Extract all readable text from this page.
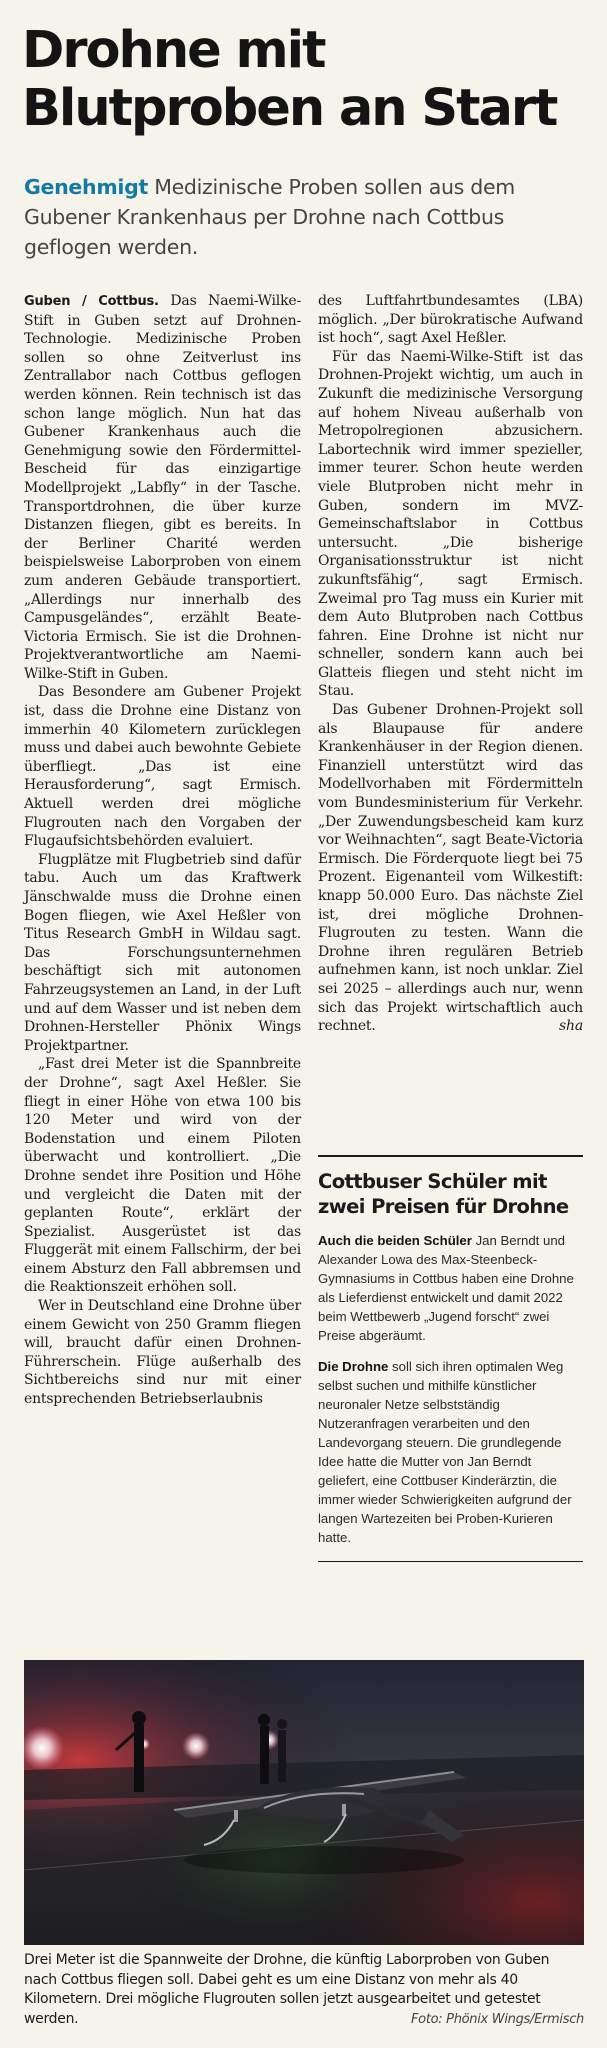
Drohne mit
Blutproben an Start
Genehmigt Medizinische Proben sollen aus dem Gubener Krankenhaus per Drohne nach Cottbus geflogen werden.

Guben / Cottbus. Das Naemi-Wilke-Stift in Guben setzt auf Drohnen-Technologie. Medizinische Proben sollen so ohne Zeitverlust ins Zentrallabor nach Cottbus geflogen werden können. Rein technisch ist das schon lange möglich. Nun hat das Gubener Krankenhaus auch die Genehmigung sowie den Fördermittel-Bescheid für das einzigartige Modellprojekt „Labfly“ in der Tasche. Transportdrohnen, die über kurze Distanzen fliegen, gibt es bereits. In der Berliner Charité werden beispielsweise Laborproben von einem zum anderen Gebäude transportiert. „Allerdings nur innerhalb des Campusgeländes“, erzählt Beate-Victoria Ermisch. Sie ist die Drohnen-Projektverantwortliche am Naemi-Wilke-Stift in Guben.

Das Besondere am Gubener Projekt ist, dass die Drohne eine Distanz von immerhin 40 Kilometern zurücklegen muss und dabei auch bewohnte Gebiete überfliegt. „Das ist eine Herausforderung“, sagt Ermisch. Aktuell werden drei mögliche Flugrouten nach den Vorgaben der Flugaufsichtsbehörden evaluiert.

Flugplätze mit Flugbetrieb sind dafür tabu. Auch um das Kraftwerk Jänschwalde muss die Drohne einen Bogen fliegen, wie Axel Heßler von Titus Research GmbH in Wildau sagt. Das Forschungsunternehmen beschäftigt sich mit autonomen Fahrzeugsystemen an Land, in der Luft und auf dem Wasser und ist neben dem Drohnen-Hersteller Phönix Wings Projektpartner.

„Fast drei Meter ist die Spannbreite der Drohne“, sagt Axel Heßler. Sie fliegt in einer Höhe von etwa 100 bis 120 Meter und wird von der Bodenstation und einem Piloten überwacht und kontrolliert. „Die Drohne sendet ihre Position und Höhe und vergleicht die Daten mit der geplanten Route“, erklärt der Spezialist. Ausgerüstet ist das Fluggerät mit einem Fallschirm, der bei einem Absturz den Fall abbremsen und die Reaktionszeit erhöhen soll.

Wer in Deutschland eine Drohne über einem Gewicht von 250 Gramm fliegen will, braucht dafür einen Drohnen-Führerschein. Flüge außerhalb des Sichtbereichs sind nur mit einer entsprechenden Betriebserlaubnis

des Luftfahrtbundesamtes (LBA) möglich. „Der bürokratische Aufwand ist hoch“, sagt Axel Heßler.

Für das Naemi-Wilke-Stift ist das Drohnen-Projekt wichtig, um auch in Zukunft die medizinische Versorgung auf hohem Niveau außerhalb von Metropolregionen abzusichern. Labortechnik wird immer spezieller, immer teurer. Schon heute werden viele Blutproben nicht mehr in Guben, sondern im MVZ-Gemeinschaftslabor in Cottbus untersucht. „Die bisherige Organisationsstruktur ist nicht zukunftsfähig“, sagt Ermisch. Zweimal pro Tag muss ein Kurier mit dem Auto Blutproben nach Cottbus fahren. Eine Drohne ist nicht nur schneller, sondern kann auch bei Glatteis fliegen und steht nicht im Stau.

Das Gubener Drohnen-Projekt soll als Blaupause für andere Krankenhäuser in der Region dienen. Finanziell unterstützt wird das Modellvorhaben mit Fördermitteln vom Bundesministerium für Verkehr. „Der Zuwendungsbescheid kam kurz vor Weihnachten“, sagt Beate-Victoria Ermisch. Die Förderquote liegt bei 75 Prozent. Eigenanteil vom Wilkestift: knapp 50.000 Euro. Das nächste Ziel ist, drei mögliche Drohnen-Flugrouten zu testen. Wann die Drohne ihren regulären Betrieb aufnehmen kann, ist noch unklar. Ziel sei 2025 – allerdings auch nur, wenn sich das Projekt wirtschaftlich auch rechnet.	sha

Cottbuser Schüler mit zwei Preisen für Drohne

Auch die beiden Schüler Jan Berndt und Alexander Lowa des Max-Steenbeck-Gymnasiums in Cottbus haben eine Drohne als Lieferdienst entwickelt und damit 2022 beim Wettbewerb „Jugend forscht“ zwei Preise abgeräumt.

Die Drohne soll sich ihren optimalen Weg selbst suchen und mithilfe künstlicher neuronaler Netze selbstständig Nutzeranfragen verarbeiten und den Landevorgang steuern. Die grundlegende Idee hatte die Mutter von Jan Berndt geliefert, eine Cottbuser Kinderärztin, die immer wieder Schwierigkeiten aufgrund der langen Wartezeiten bei Proben-Kurieren hatte.

Drei Meter ist die Spannweite der Drohne, die künftig Laborproben von Guben nach Cottbus fliegen soll. Dabei geht es um eine Distanz von mehr als 40 Kilometern. Drei mögliche Flugrouten sollen jetzt ausgearbeitet und getestet werden.	Foto: Phönix Wings/Ermisch
